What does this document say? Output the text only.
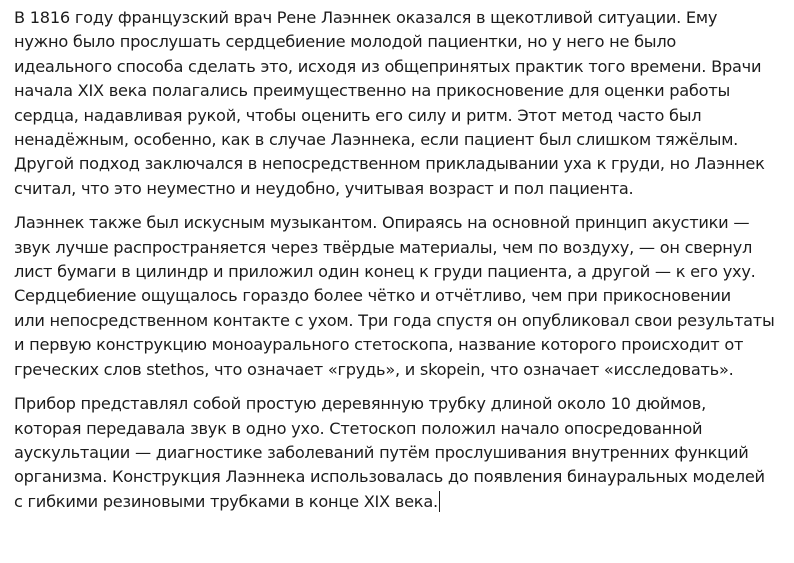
В 1816 году французский врач Рене Лаэннек оказался в щекотливой ситуации. Ему
нужно было прослушать сердцебиение молодой пациентки, но у него не было
идеального способа сделать это, исходя из общепринятых практик того времени. Врачи
начала XIX века полагались преимущественно на прикосновение для оценки работы
сердца, надавливая рукой, чтобы оценить его силу и ритм. Этот метод часто был
ненадёжным, особенно, как в случае Лаэннека, если пациент был слишком тяжёлым.
Другой подход заключался в непосредственном прикладывании уха к груди, но Лаэннек
считал, что это неуместно и неудобно, учитывая возраст и пол пациента.

Лаэннек также был искусным музыкантом. Опираясь на основной принцип акустики —
звук лучше распространяется через твёрдые материалы, чем по воздуху, — он свернул
лист бумаги в цилиндр и приложил один конец к груди пациента, а другой — к его уху.
Сердцебиение ощущалось гораздо более чётко и отчётливо, чем при прикосновении
или непосредственном контакте с ухом. Три года спустя он опубликовал свои результаты
и первую конструкцию моноаурального стетоскопа, название которого происходит от
греческих слов stethos, что означает «грудь», и skopein, что означает «исследовать».

Прибор представлял собой простую деревянную трубку длиной около 10 дюймов,
которая передавала звук в одно ухо. Стетоскоп положил начало опосредованной
аускультации — диагностике заболеваний путём прослушивания внутренних функций
организма. Конструкция Лаэннека использовалась до появления бинауральных моделей
с гибкими резиновыми трубками в конце XIX века.
